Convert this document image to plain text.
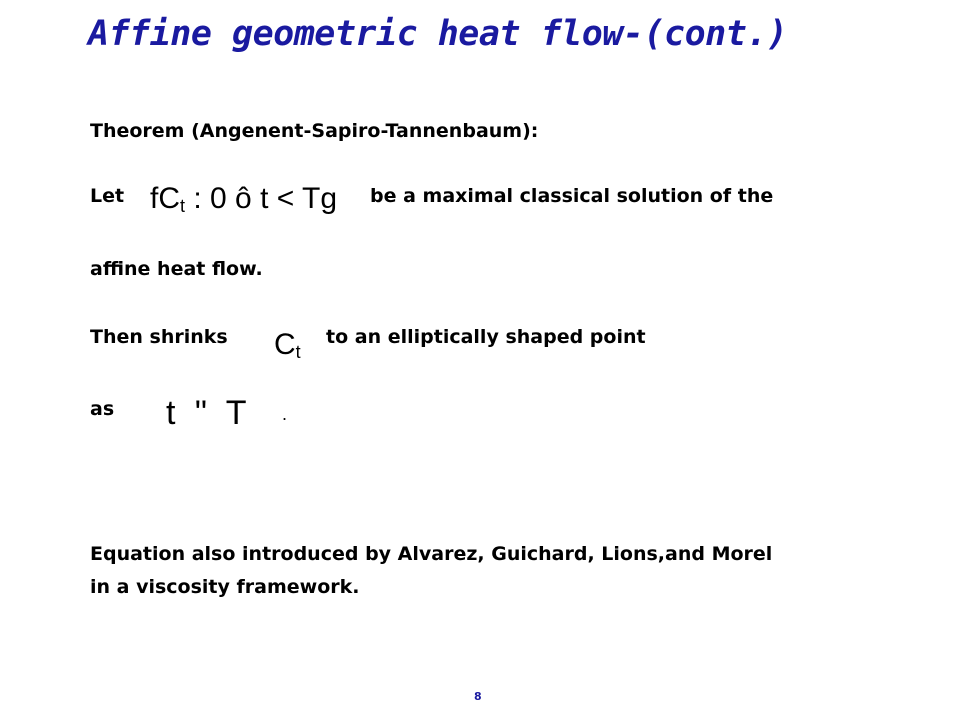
Affine geometric heat flow-(cont.)
Theorem (Angenent-Sapiro-Tannenbaum):
Let $fC_t$ : 0 ô t < Tg be a maximal classical solution of the
affine heat flow.
Then shrinks $C_t$
to an elliptically shaped point
as t " T .
Equation also introduced by Alvarez, Guichard, Lions,and Morel
in a viscosity framework.
8
